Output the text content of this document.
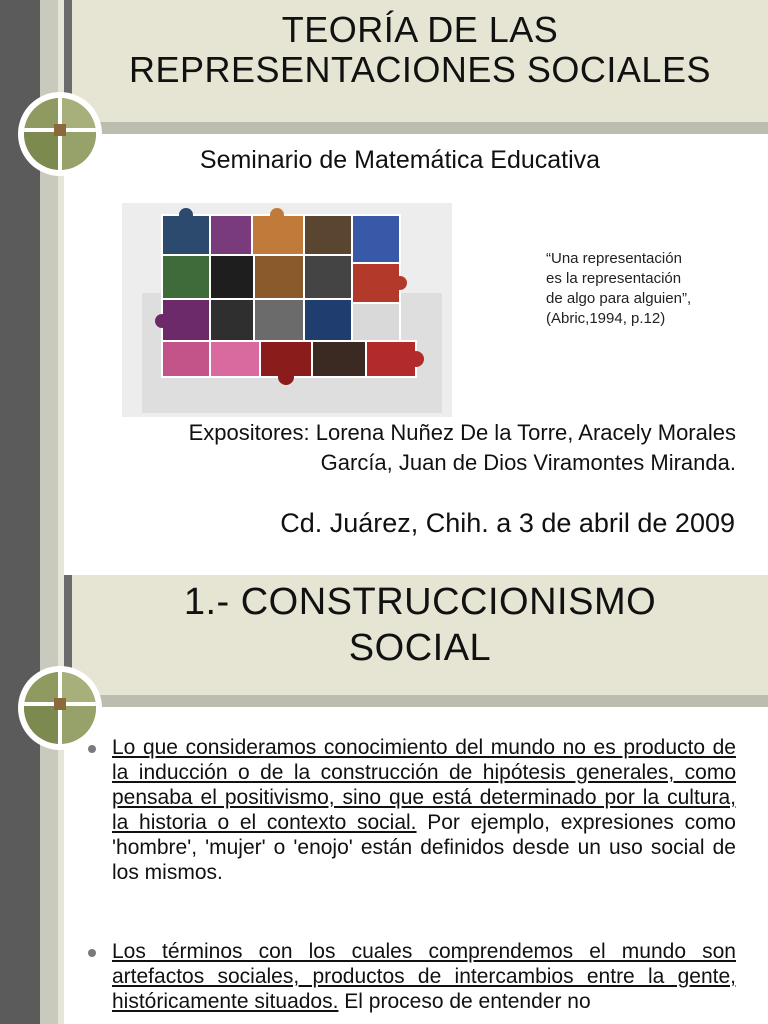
TEORÍA DE LAS
REPRESENTACIONES SOCIALES
Seminario de Matemática Educativa
“Una representación
es la representación
de algo para alguien”,
(Abric,1994, p.12)
Expositores: Lorena Nuñez De la Torre, Aracely Morales
García, Juan de Dios Viramontes Miranda.
Cd. Juárez, Chih. a 3 de abril de 2009
1.- CONSTRUCCIONISMO
SOCIAL
Lo que consideramos conocimiento del mundo no es producto de la inducción o de la construcción de hipótesis generales, como pensaba el positivismo, sino que está determinado por la cultura, la historia o el contexto social. Por ejemplo, expresiones como 'hombre', 'mujer' o 'enojo' están definidos desde un uso social de los mismos.
Los términos con los cuales comprendemos el mundo son artefactos sociales, productos de intercambios entre la gente, históricamente situados. El proceso de entender no
